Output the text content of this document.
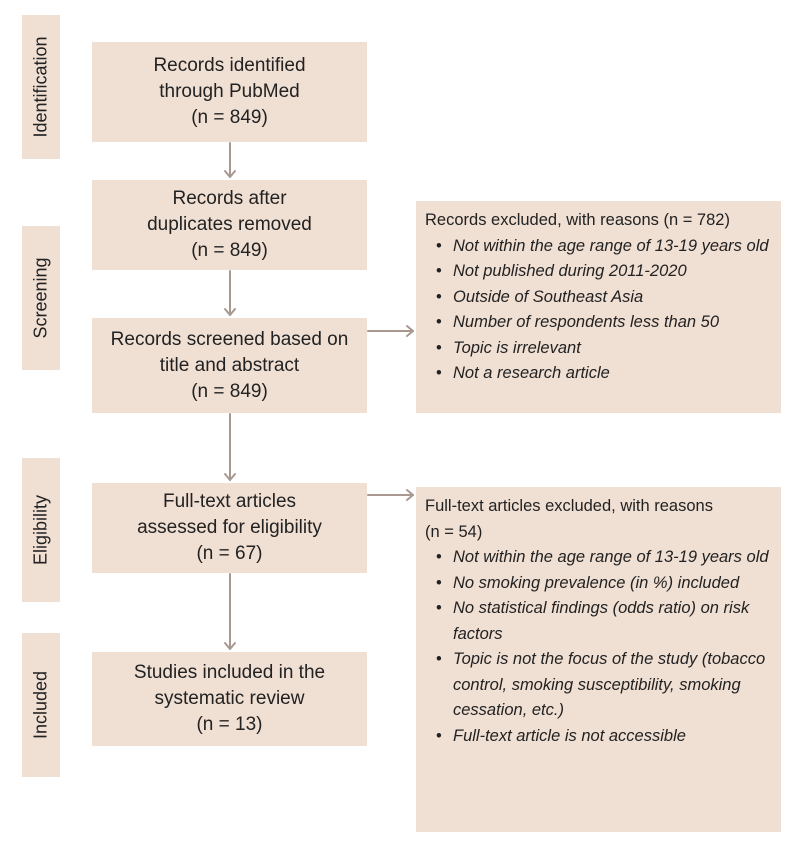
Identification
Screening
Eligibility
Included
Records identified
through PubMed
(n = 849)
Records after
duplicates removed
(n = 849)
Records screened based on
title and abstract
(n = 849)
Full-text articles
assessed for eligibility
(n = 67)
Studies included in the
systematic review
(n = 13)
Records excluded, with reasons (n = 782)
• Not within the age range of 13-19 years old
• Not published during 2011-2020
• Outside of Southeast Asia
• Number of respondents less than 50
• Topic is irrelevant
• Not a research article
Full-text articles excluded, with reasons (n = 54)
• Not within the age range of 13-19 years old
• No smoking prevalence (in %) included
• No statistical findings (odds ratio) on risk factors
• Topic is not the focus of the study (tobacco control, smoking susceptibility, smoking cessation, etc.)
• Full-text article is not accessible
